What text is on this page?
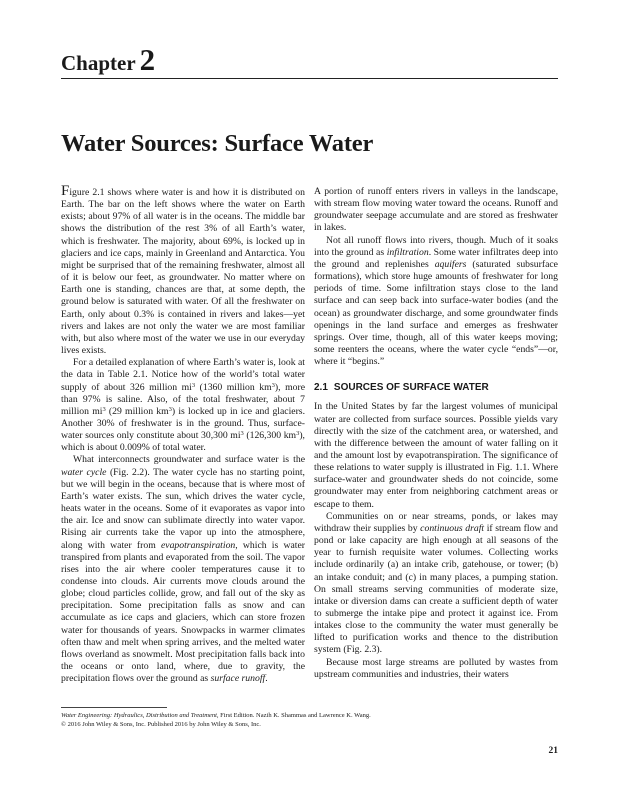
Chapter 2
Water Sources: Surface Water

Figure 2.1 shows where water is and how it is distributed on Earth. The bar on the left shows where the water on Earth exists; about 97% of all water is in the oceans. The middle bar shows the distribution of the rest 3% of all Earth’s water, which is freshwater. The majority, about 69%, is locked up in glaciers and ice caps, mainly in Greenland and Antarctica. You might be surprised that of the remaining freshwater, almost all of it is below our feet, as groundwater. No matter where on Earth one is standing, chances are that, at some depth, the ground below is saturated with water. Of all the freshwater on Earth, only about 0.3% is contained in rivers and lakes—yet rivers and lakes are not only the water we are most familiar with, but also where most of the water we use in our everyday lives exists.

For a detailed explanation of where Earth’s water is, look at the data in Table 2.1. Notice how of the world’s total water supply of about 326 million $mi^3$ (1360 million $km^3$), more than 97% is saline. Also, of the total freshwater, about 7 million $mi^3$ (29 million $km^3$) is locked up in ice and glaciers. Another 30% of freshwater is in the ground. Thus, surface-water sources only constitute about 30,300 $mi^3$ (126,300 $km^3$), which is about 0.009% of total water.

What interconnects groundwater and surface water is the water cycle (Fig. 2.2). The water cycle has no starting point, but we will begin in the oceans, because that is where most of Earth’s water exists. The sun, which drives the water cycle, heats water in the oceans. Some of it evaporates as vapor into the air. Ice and snow can sublimate directly into water vapor. Rising air currents take the vapor up into the atmosphere, along with water from evapotranspiration, which is water transpired from plants and evaporated from the soil. The vapor rises into the air where cooler temperatures cause it to condense into clouds. Air currents move clouds around the globe; cloud particles collide, grow, and fall out of the sky as precipitation. Some precipitation falls as snow and can accumulate as ice caps and glaciers, which can store frozen water for thousands of years. Snowpacks in warmer climates often thaw and melt when spring arrives, and the melted water flows overland as snowmelt. Most precipitation falls back into the oceans or onto land, where, due to gravity, the precipitation flows over the ground as surface runoff.

A portion of runoff enters rivers in valleys in the landscape, with stream flow moving water toward the oceans. Runoff and groundwater seepage accumulate and are stored as freshwater in lakes.

Not all runoff flows into rivers, though. Much of it soaks into the ground as infiltration. Some water infiltrates deep into the ground and replenishes aquifers (saturated subsurface formations), which store huge amounts of freshwater for long periods of time. Some infiltration stays close to the land surface and can seep back into surface-water bodies (and the ocean) as groundwater discharge, and some groundwater finds openings in the land surface and emerges as freshwater springs. Over time, though, all of this water keeps moving; some reenters the oceans, where the water cycle “ends”—or, where it “begins.”

2.1 SOURCES OF SURFACE WATER

In the United States by far the largest volumes of municipal water are collected from surface sources. Possible yields vary directly with the size of the catchment area, or watershed, and with the difference between the amount of water falling on it and the amount lost by evapotranspiration. The significance of these relations to water supply is illustrated in Fig. 1.1. Where surface-water and groundwater sheds do not coincide, some groundwater may enter from neighboring catchment areas or escape to them.

Communities on or near streams, ponds, or lakes may withdraw their supplies by continuous draft if stream flow and pond or lake capacity are high enough at all seasons of the year to furnish requisite water volumes. Collecting works include ordinarily (a) an intake crib, gatehouse, or tower; (b) an intake conduit; and (c) in many places, a pumping station. On small streams serving communities of moderate size, intake or diversion dams can create a sufficient depth of water to submerge the intake pipe and protect it against ice. From intakes close to the community the water must generally be lifted to purification works and thence to the distribution system (Fig. 2.3).

Because most large streams are polluted by wastes from upstream communities and industries, their waters

Water Engineering: Hydraulics, Distribution and Treatment, First Edition. Nazih K. Shammas and Lawrence K. Wang.
© 2016 John Wiley & Sons, Inc. Published 2016 by John Wiley & Sons, Inc.
21
